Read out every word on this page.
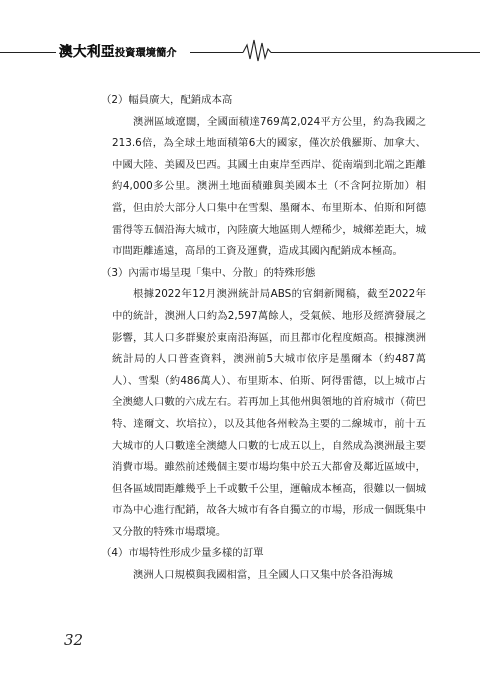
澳大利亞投資環境簡介
（2）幅員廣大，配銷成本高

澳洲區域遼闊，全國面積達769萬2,024平方公里，約為我國之213.6倍，為全球土地面積第6大的國家，僅次於俄羅斯、加拿大、中國大陸、美國及巴西。其國土由東岸至西岸、從南端到北端之距離約4,000多公里。澳洲土地面積雖與美國本土（不含阿拉斯加）相當，但由於大部分人口集中在雪梨、墨爾本、布里斯本、伯斯和阿德雷得等五個沿海大城市，內陸廣大地區則人煙稀少，城鄉差距大，城市間距離遙遠，高昂的工資及運費，造成其國內配銷成本極高。

（3）內需市場呈現「集中、分散」的特殊形態

根據2022年12月澳洲統計局ABS的官網新聞稿，截至2022年中的統計，澳洲人口約為2,597萬餘人，受氣候、地形及經濟發展之影響，其人口多群聚於東南沿海區，而且都市化程度頗高。根據澳洲統計局的人口普查資料，澳洲前5大城市依序是墨爾本（約487萬人）、雪梨（約486萬人）、布里斯本、伯斯、阿得雷德，以上城市占全澳總人口數的六成左右。若再加上其他州與領地的首府城市（荷巴特、達爾文、坎培拉），以及其他各州較為主要的二線城市，前十五大城市的人口數達全澳總人口數的七成五以上，自然成為澳洲最主要消費市場。雖然前述幾個主要市場均集中於五大都會及鄰近區域中，但各區域間距離幾乎上千或數千公里，運輸成本極高，很難以一個城市為中心進行配銷，故各大城市有各自獨立的市場，形成一個既集中又分散的特殊市場環境。

（4）市場特性形成少量多樣的訂單

澳洲人口規模與我國相當，且全國人口又集中於各沿海城

32
